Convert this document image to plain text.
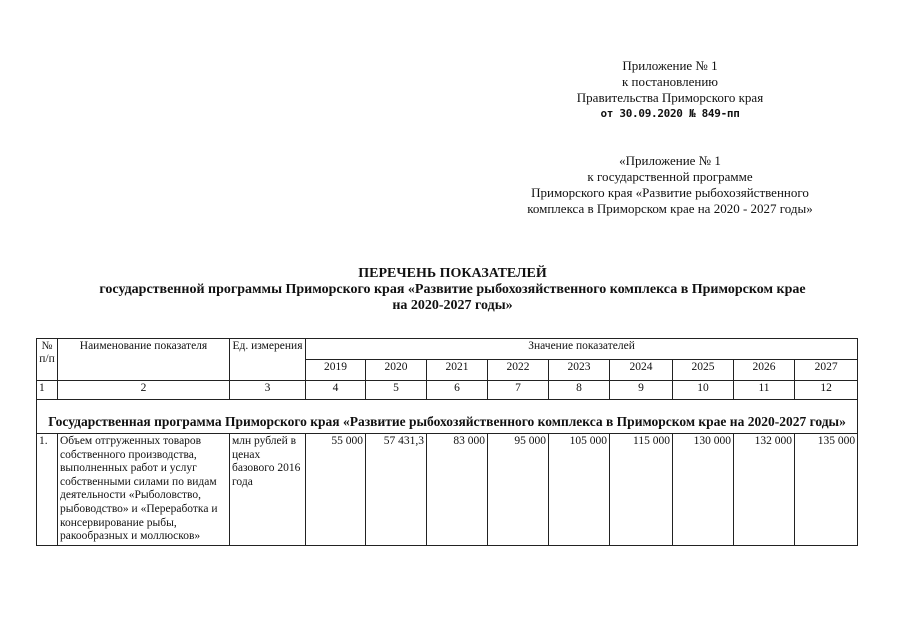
Приложение № 1
к постановлению
Правительства Приморского края
от 30.09.2020 № 849-пп
«Приложение № 1
к государственной программе
Приморского края «Развитие рыбохозяйственного
комплекса в Приморском крае на 2020 - 2027 годы»
ПЕРЕЧЕНЬ ПОКАЗАТЕЛЕЙ
государственной программы Приморского края «Развитие рыбохозяйственного комплекса в Приморском крае
на 2020-2027 годы»
№ п/п	Наименование показателя	Ед. измерения	Значение показателей								
			2019	2020	2021	2022	2023	2024	2025	2026	2027
1	2	3	4	5	6	7	8	9	10	11	12
Государственная программа Приморского края «Развитие рыбохозяйственного комплекса в Приморском крае на 2020-2027 годы»											
1.	Объем отгруженных товаров собственного производства, выполненных работ и услуг собственными силами по видам деятельности «Рыболовство, рыбоводство» и «Переработка и консервирование рыбы, ракообразных и моллюсков»	млн рублей в ценах базового 2016 года	55 000	57 431,3	83 000	95 000	105 000	115 000	130 000	132 000	135 000
